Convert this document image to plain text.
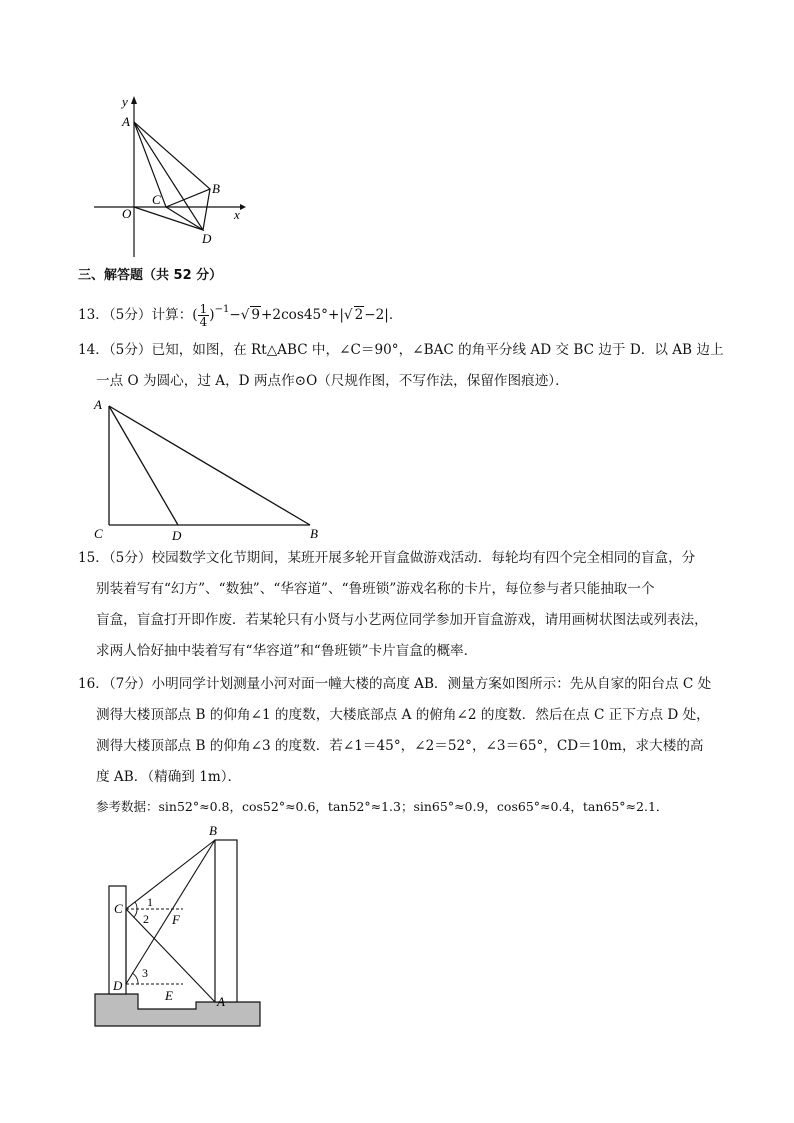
y
x
A
B
C
O
D
三、解答题（共 52 分）
13．（5分）计算：( $\frac{1}{4} )^{-1}-√$ 9+2cos45°+|√ 2−2|．
14．（5分）已知，如图，在 Rt△ABC 中，∠C＝90°，∠BAC 的角平分线 AD 交 BC 边于 D．以 AB 边上
一点 O 为圆心，过 A，D 两点作⊙O（尺规作图，不写作法，保留作图痕迹）．
A
C	D	B
15．（5分）校园数学文化节期间，某班开展多轮开盲盒做游戏活动．每轮均有四个完全相同的盲盒，分
别装着写有“幻方”、“数独”、“华容道”、“鲁班锁”游戏名称的卡片，每位参与者只能抽取一个
盲盒，盲盒打开即作废．若某轮只有小贤与小艺两位同学参加开盲盒游戏，请用画树状图法或列表法，
求两人恰好抽中装着写有“华容道”和“鲁班锁”卡片盲盒的概率．
16．（7分）小明同学计划测量小河对面一幢大楼的高度 AB．测量方案如图所示：先从自家的阳台点 C 处
测得大楼顶部点 B 的仰角∠1 的度数，大楼底部点 A 的俯角∠2 的度数．然后在点 C 正下方点 D 处，
测得大楼顶部点 B 的仰角∠3 的度数．若∠1＝45°，∠2＝52°，∠3＝65°，CD＝10m，求大楼的高
度 AB．（精确到 1m）．
参考数据：sin52°≈0.8，cos52°≈0.6，tan52°≈1.3；sin65°≈0.9，cos65°≈0.4，tan65°≈2.1．
B
C 1
2 F
3
D
E	A
